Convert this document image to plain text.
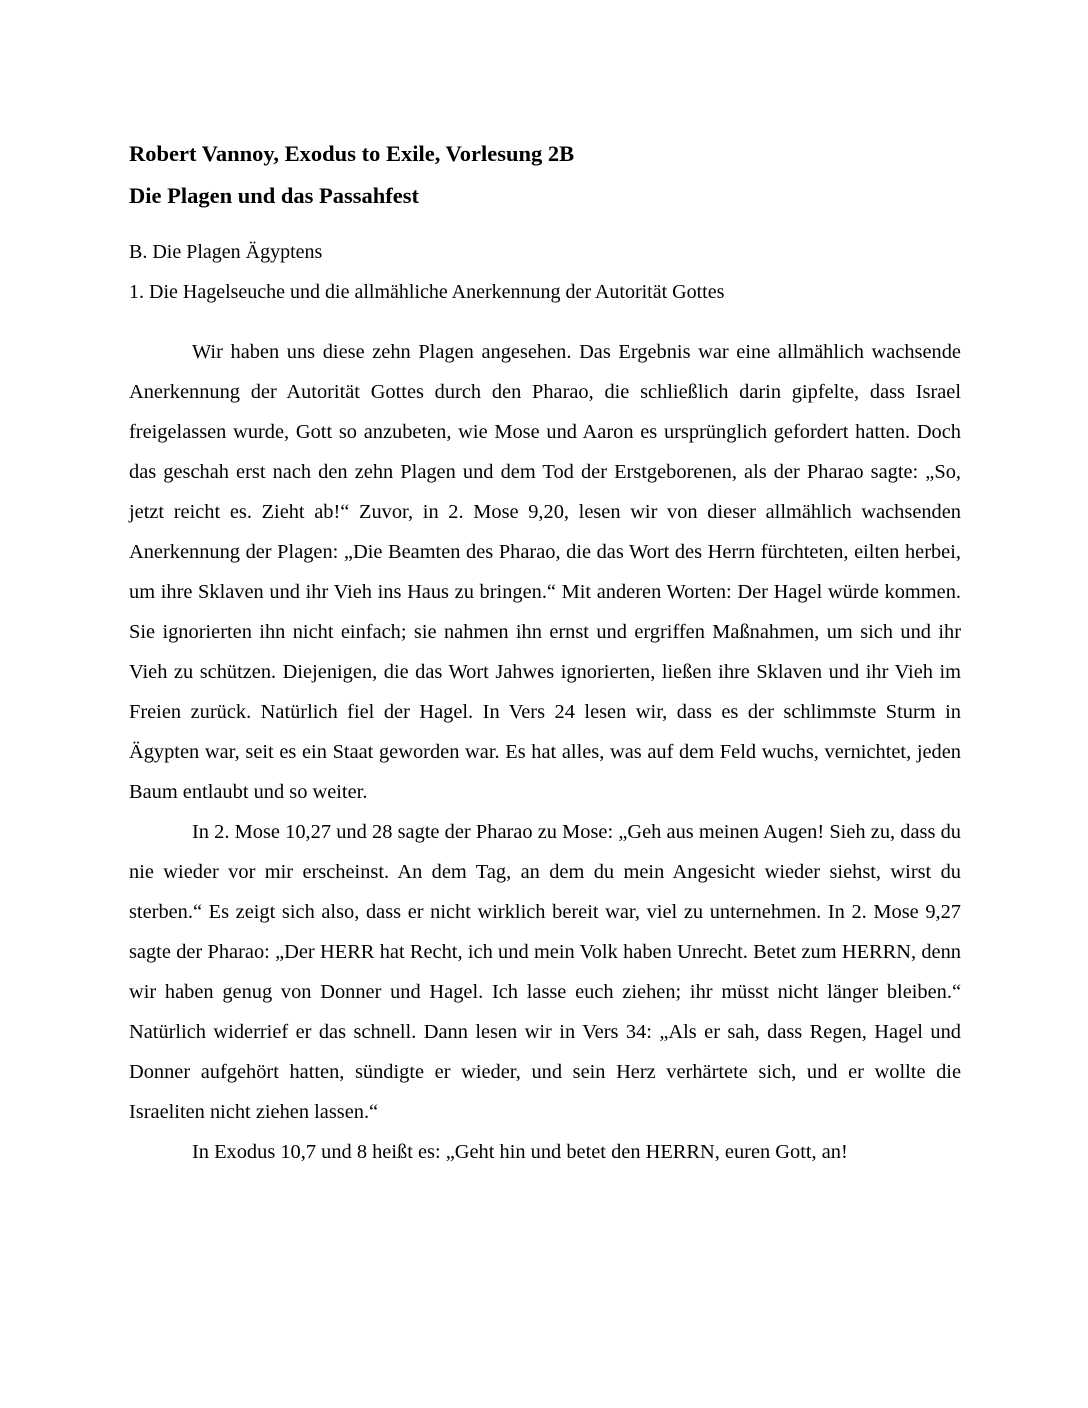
Robert Vannoy, Exodus to Exile, Vorlesung 2B

Die Plagen und das Passahfest

B. Die Plagen Ägyptens

1. Die Hagelseuche und die allmähliche Anerkennung der Autorität Gottes

Wir haben uns diese zehn Plagen angesehen. Das Ergebnis war eine allmählich wachsende Anerkennung der Autorität Gottes durch den Pharao, die schließlich darin gipfelte, dass Israel freigelassen wurde, Gott so anzubeten, wie Mose und Aaron es ursprünglich gefordert hatten. Doch das geschah erst nach den zehn Plagen und dem Tod der Erstgeborenen, als der Pharao sagte: „So, jetzt reicht es. Zieht ab!“ Zuvor, in 2. Mose 9,20, lesen wir von dieser allmählich wachsenden Anerkennung der Plagen: „Die Beamten des Pharao, die das Wort des Herrn fürchteten, eilten herbei, um ihre Sklaven und ihr Vieh ins Haus zu bringen.“ Mit anderen Worten: Der Hagel würde kommen. Sie ignorierten ihn nicht einfach; sie nahmen ihn ernst und ergriffen Maßnahmen, um sich und ihr Vieh zu schützen. Diejenigen, die das Wort Jahwes ignorierten, ließen ihre Sklaven und ihr Vieh im Freien zurück. Natürlich fiel der Hagel. In Vers 24 lesen wir, dass es der schlimmste Sturm in Ägypten war, seit es ein Staat geworden war. Es hat alles, was auf dem Feld wuchs, vernichtet, jeden Baum entlaubt und so weiter.

In 2. Mose 10,27 und 28 sagte der Pharao zu Mose: „Geh aus meinen Augen! Sieh zu, dass du nie wieder vor mir erscheinst. An dem Tag, an dem du mein Angesicht wieder siehst, wirst du sterben.“ Es zeigt sich also, dass er nicht wirklich bereit war, viel zu unternehmen. In 2. Mose 9,27 sagte der Pharao: „Der HERR hat Recht, ich und mein Volk haben Unrecht. Betet zum HERRN, denn wir haben genug von Donner und Hagel. Ich lasse euch ziehen; ihr müsst nicht länger bleiben.“ Natürlich widerrief er das schnell. Dann lesen wir in Vers 34: „Als er sah, dass Regen, Hagel und Donner aufgehört hatten, sündigte er wieder, und sein Herz verhärtete sich, und er wollte die Israeliten nicht ziehen lassen.“

In Exodus 10,7 und 8 heißt es: „Geht hin und betet den HERRN, euren Gott, an!
